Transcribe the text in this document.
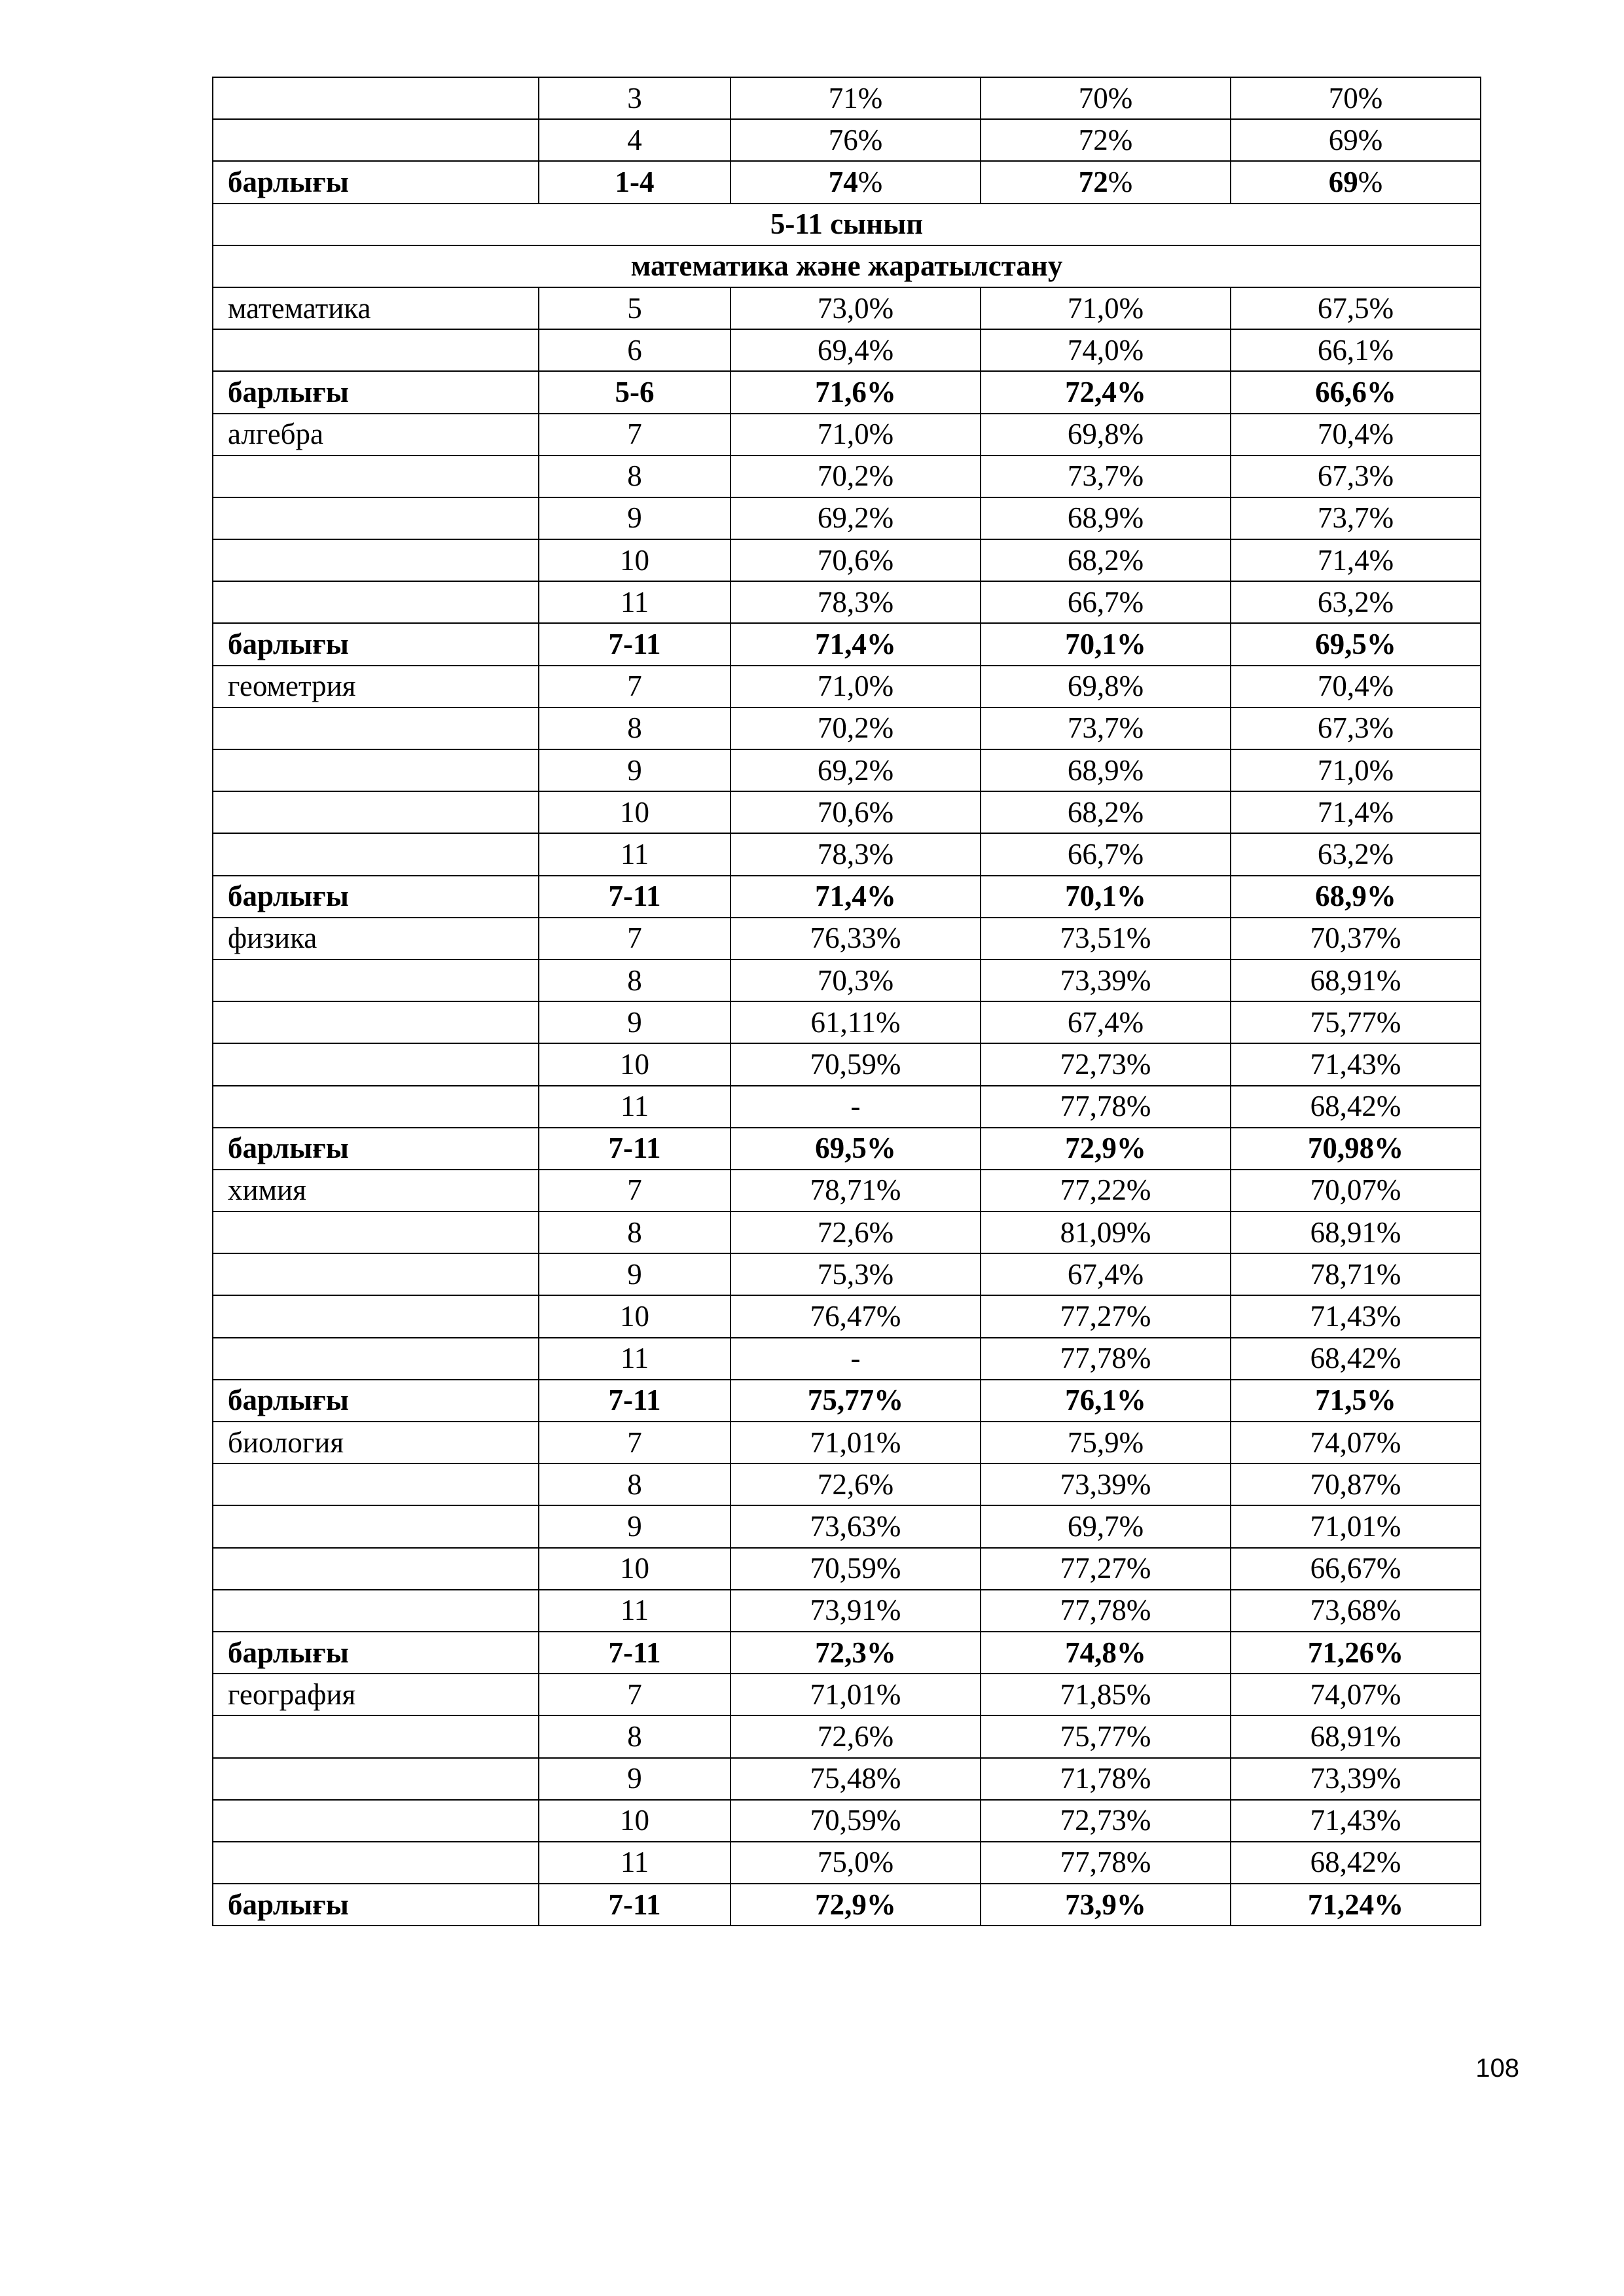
	3	71%	70%	70%
	4	76%	72%	69%
барлығы	1-4	74%	72%	69%
5-11 сынып				
математика және жаратылстану				
математика	5	73,0%	71,0%	67,5%
	6	69,4%	74,0%	66,1%
барлығы	5-6	71,6%	72,4%	66,6%
алгебра	7	71,0%	69,8%	70,4%
	8	70,2%	73,7%	67,3%
	9	69,2%	68,9%	73,7%
	10	70,6%	68,2%	71,4%
	11	78,3%	66,7%	63,2%
барлығы	7-11	71,4%	70,1%	69,5%
геометрия	7	71,0%	69,8%	70,4%
	8	70,2%	73,7%	67,3%
	9	69,2%	68,9%	71,0%
	10	70,6%	68,2%	71,4%
	11	78,3%	66,7%	63,2%
барлығы	7-11	71,4%	70,1%	68,9%
физика	7	76,33%	73,51%	70,37%
	8	70,3%	73,39%	68,91%
	9	61,11%	67,4%	75,77%
	10	70,59%	72,73%	71,43%
	11	-	77,78%	68,42%
барлығы	7-11	69,5%	72,9%	70,98%
химия	7	78,71%	77,22%	70,07%
	8	72,6%	81,09%	68,91%
	9	75,3%	67,4%	78,71%
	10	76,47%	77,27%	71,43%
	11	-	77,78%	68,42%
барлығы	7-11	75,77%	76,1%	71,5%
биология	7	71,01%	75,9%	74,07%
	8	72,6%	73,39%	70,87%
	9	73,63%	69,7%	71,01%
	10	70,59%	77,27%	66,67%
	11	73,91%	77,78%	73,68%
барлығы	7-11	72,3%	74,8%	71,26%
география	7	71,01%	71,85%	74,07%
	8	72,6%	75,77%	68,91%
	9	75,48%	71,78%	73,39%
	10	70,59%	72,73%	71,43%
	11	75,0%	77,78%	68,42%
барлығы	7-11	72,9%	73,9%	71,24%
108
